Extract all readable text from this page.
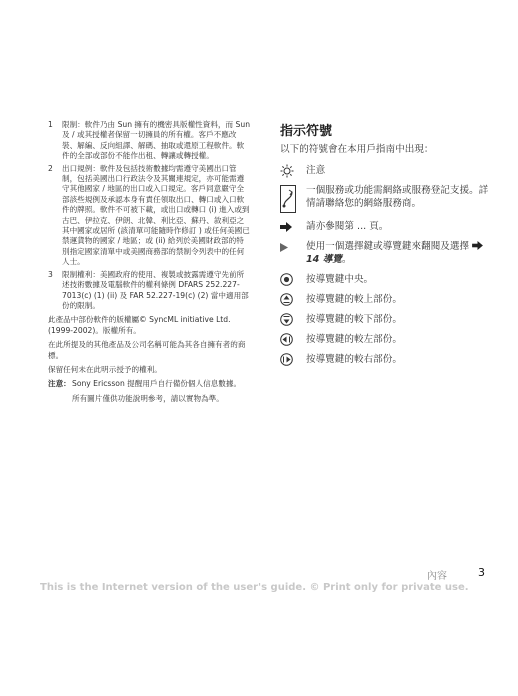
1	限制：軟件乃由 Sun 擁有的機密具版權性資料，而 Sun 及 / 或其授權者保留一切擁員的所有權。客戶不應改裝、解編、反向組譯、解碼、抽取或還原工程軟件。軟件的全部或部份不能作出租、轉讓或轉授權。
2	出口規例：軟件及包括技術數據均需遵守美國出口管制，包括美國出口行政法令及其關連規定，亦可能需遵守其他國家 / 地區的出口或入口規定。客戶同意嚴守全部該些規例及承認本身有責任領取出口、轉口或入口軟件的牌照。軟件不可被下載，或出口或轉口 (i) 進入或到古巴、伊拉克、伊朗、北韓、利比亞、蘇丹、敘利亞之其中國家或居所 (該清單可能隨時作修訂 ) 或任何美國已禁運貨物的國家 / 地區；或 (ii) 給列於美國財政部的特別指定國家清單中或美國商務部的禁制令列表中的任何人士。
3	限制權利：美國政府的使用、複製或披露需遵守先前所述技術數據及電腦軟件的權利條例 DFARS 252.227-7013(c) (1) (ii) 及 FAR 52.227-19(c) (2) 當中適用部份的限制。
此產品中部份軟件的版權屬© SyncML initiative Ltd. (1999-2002)。版權所有。
在此所提及的其他產品及公司名稱可能為其各自擁有者的商標。
保留任何未在此明示授予的權利。
注意： Sony Ericsson 提醒用戶自行備份個人信息數據。
所有圖片僅供功能說明參考，請以實物為準。
指示符號
以下的符號會在本用戶指南中出現：
注意
一個服務或功能需網絡或服務登記支援。詳情請聯絡您的網絡服務商。
請亦參閱第 ... 頁。
使用一個選擇鍵或導覽鍵來翻閱及選擇  14 導覽。
按導覽鍵中央。
按導覽鍵的較上部份。
按導覽鍵的較下部份。
按導覽鍵的較左部份。
按導覽鍵的較右部份。
內容	3
This is the Internet version of the user's guide. © Print only for private use.
